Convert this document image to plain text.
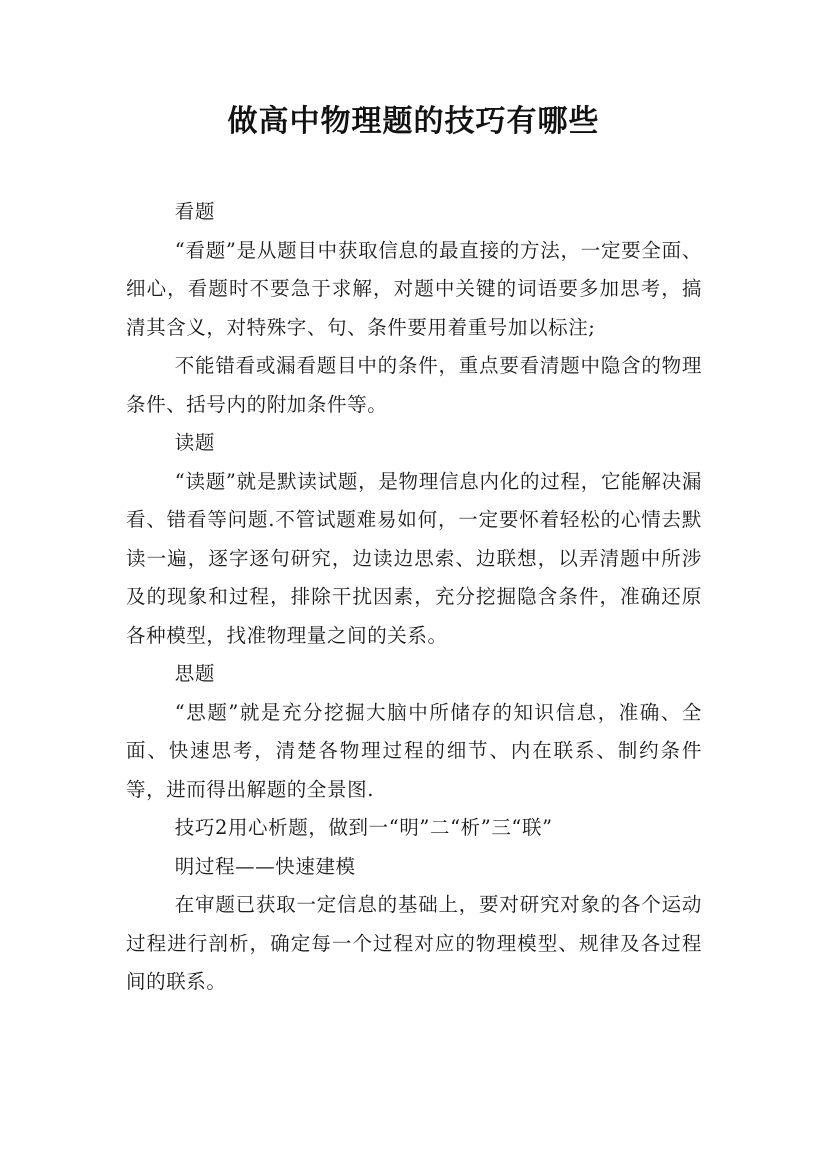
做高中物理题的技巧有哪些

看题

“看题”是从题目中获取信息的最直接的方法，一定要全面、细心，看题时不要急于求解，对题中关键的词语要多加思考，搞清其含义，对特殊字、句、条件要用着重号加以标注;

不能错看或漏看题目中的条件，重点要看清题中隐含的物理条件、括号内的附加条件等。

读题

“读题”就是默读试题，是物理信息内化的过程，它能解决漏看、错看等问题.不管试题难易如何，一定要怀着轻松的心情去默读一遍，逐字逐句研究，边读边思索、边联想，以弄清题中所涉及的现象和过程，排除干扰因素，充分挖掘隐含条件，准确还原各种模型，找准物理量之间的关系。

思题

“思题”就是充分挖掘大脑中所储存的知识信息，准确、全面、快速思考，清楚各物理过程的细节、内在联系、制约条件等，进而得出解题的全景图.

技巧2用心析题，做到一“明”二“析”三“联”

明过程——快速建模

在审题已获取一定信息的基础上，要对研究对象的各个运动过程进行剖析，确定每一个过程对应的物理模型、规律及各过程间的联系。
